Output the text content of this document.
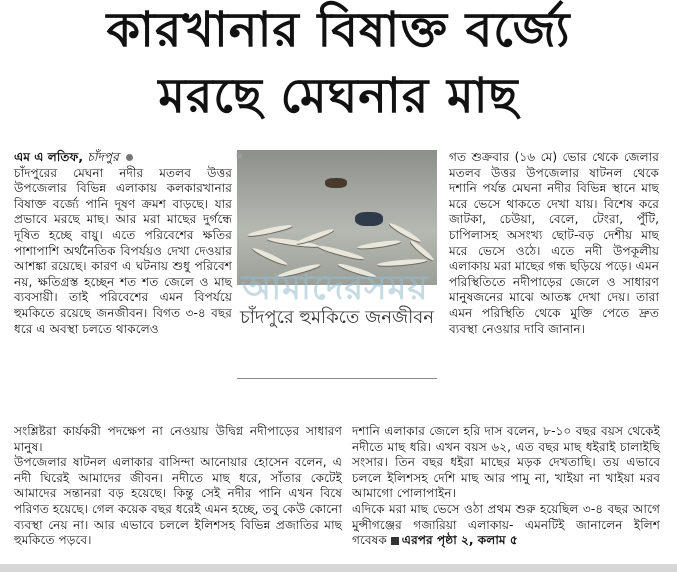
কারখানার বিষাক্ত বর্জ্যে
মরছে মেঘনার মাছ

এম এ লতিফ, চাঁদপুর

চাঁদপুরের মেঘনা নদীর মতলব উত্তর উপজেলার বিভিন্ন এলাকায় কলকারখানার বিষাক্ত বর্জ্যে পানি দূষণ ক্রমশ বাড়ছে। যার প্রভাবে মরছে মাছ। আর মরা মাছের দুর্গন্ধে দূষিত হচ্ছে বায়ু। এতে পরিবেশের ক্ষতির পাশাপাশি অর্থনৈতিক বিপর্যয়ও দেখা দেওয়ার আশঙ্কা রয়েছে। কারণ এ ঘটনায় শুধু পরিবেশ নয়, ক্ষতিগ্রস্ত হচ্ছেন শত শত জেলে ও মাছ ব্যবসায়ী। তাই পরিবেশের এমন বিপর্যয়ে হুমকিতে রয়েছে জনজীবন। বিগত ৩-৪ বছর ধরে এ অবস্থা চলতে থাকলেও

তি
চাঁদপুরে হুমকিতে জনজীবন
আমাদেরসময়

গত শুক্রবার (১৬ মে) ভোর থেকে জেলার মতলব উত্তর উপজেলার ষাটনল থেকে দশানি পর্যন্ত মেঘনা নদীর বিভিন্ন স্থানে মাছ মরে ভেসে থাকতে দেখা যায়। বিশেষ করে জাটকা, চেউয়া, বেলে, টেংরা, পুঁটি, চাপিলাসহ অসংখ্য ছোট-বড় দেশীয় মাছ মরে ভেসে ওঠে। এতে নদী উপকূলীয় এলাকায় মরা মাছের গন্ধ ছড়িয়ে পড়ে। এমন পরিস্থিতিতে নদীপাড়ের জেলে ও সাধারণ মানুষজনের মাঝে আতঙ্ক দেখা দেয়। তারা এমন পরিস্থিতি থেকে মুক্তি পেতে দ্রুত ব্যবস্থা নেওয়ার দাবি জানান।

সংশ্লিষ্টরা কার্যকরী পদক্ষেপ না নেওয়ায় উদ্বিগ্ন নদীপাড়ের সাধারণ মানুষ।

উপজেলার ষাটনল এলাকার বাসিন্দা আনোয়ার হোসেন বলেন, এ নদী ঘিরেই আমাদের জীবন। নদীতে মাছ ধরে, সাঁতার কেটেই আমাদের সন্তানরা বড় হয়েছে। কিন্তু সেই নদীর পানি এখন বিষে পরিণত হয়েছে। গেল কয়েক বছর ধরেই এমন হচ্ছে, তবু কেউ কোনো ব্যবস্থা নেয় না। আর এভাবে চললে ইলিশসহ বিভিন্ন প্রজাতির মাছ হুমকিতে পড়বে।

দশানি এলাকার জেলে হরি দাস বলেন, ৮-১০ বছর বয়স থেকেই নদীতে মাছ ধরি। এখন বয়স ৬২, এত বছর মাছ ধইরাই চালাইছি সংসার। তিন বছর ধইরা মাছের মড়ক দেখতাছি। তয় এভাবে চললে ইলিশসহ দেশি মাছ আর পামু না, খাইয়া না খাইয়া মরব আমাগো পোলাপাইন।

এদিকে মরা মাছ ভেসে ওঠা প্রথম শুরু হয়েছিল ৩-৪ বছর আগে মুন্সীগঞ্জের গজারিয়া এলাকায়- এমনটিই জানালেন ইলিশ গবেষক এরপর পৃষ্ঠা ২, কলাম ৫
